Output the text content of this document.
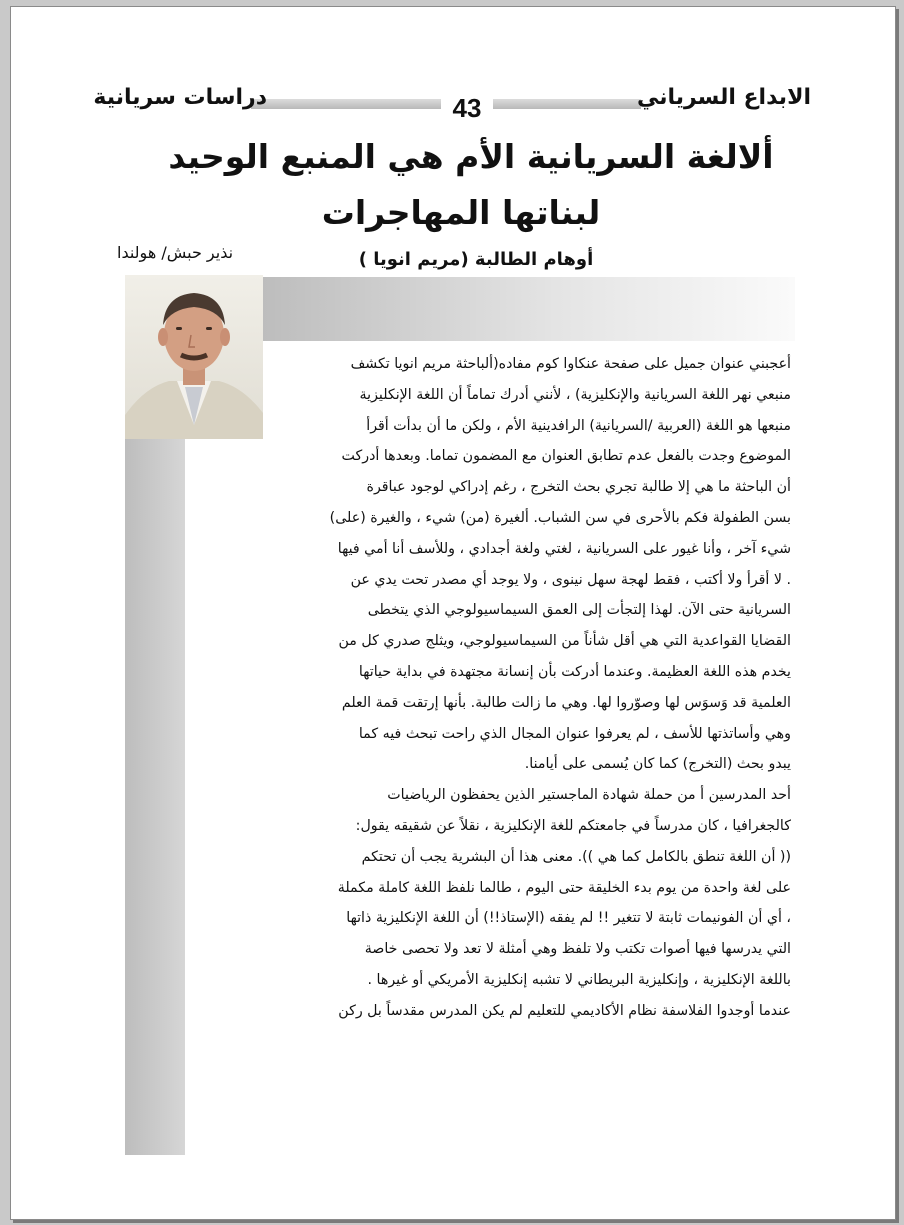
دراسات سريانية	43	الابداع السرياني
ألالغة السريانية الأم هي المنبع الوحيد
لبناتها المهاجرات
نذير حبش/ هولندا	أوهام الطالبة (مريم انويا )
أعجبني عنوان جميل على صفحة عنكاوا كوم مفاده(ألباحثة مريم انويا تكشف
منبعي نهر اللغة السريانية والإنكليزية) ، لأنني أدرك تماماً أن اللغة الإنكليزية
منبعها هو اللغة (العربية /السريانية) الرافدينية الأم ، ولكن ما أن بدأت أقرأ
الموضوع وجدت بالفعل عدم تطابق العنوان مع المضمون تماما. وبعدها أدركت
أن الباحثة ما هي إلا طالبة تجري بحث التخرج ، رغم إدراكي لوجود عباقرة
بسن الطفولة فكم بالأحرى في سن الشباب. ألغيرة (من) شيء ، والغيرة (على)
شيء آخر ، وأنا غيور على السريانية ، لغتي ولغة أجدادي ، وللأسف أنا أمي فيها
. لا أقرأ ولا أكتب ، فقط لهجة سهل نينوى ، ولا يوجد أي مصدر تحت يدي عن
السريانية حتى الآن. لهذا إلتجأت إلى العمق السيماسيولوجي الذي يتخطى
القضايا القواعدية التي هي أقل شأناً من السيماسيولوجي، ويثلج صدري كل من
يخدم هذه اللغة العظيمة. وعندما أدركت بأن إنسانة مجتهدة في بداية حياتها
العلمية قد وَسوَس لها وصوّروا لها. وهي ما زالت طالبة. بأنها إرتقت قمة العلم
وهي وأساتذتها للأسف ، لم يعرفوا عنوان المجال الذي راحت تبحث فيه كما
يبدو بحث (التخرج) كما كان يُسمى على أيامنا.
أحد المدرسين أ من حملة شهادة الماجستير الذين يحفظون الرياضيات
كالجغرافيا ، كان مدرساً في جامعتكم للغة الإنكليزية ، نقلاً عن شقيقه يقول:
(( أن اللغة تنطق بالكامل كما هي )). معنى هذا أن البشرية يجب أن تحتكم
على لغة واحدة من يوم بدء الخليقة حتى اليوم ، طالما نلفظ اللغة كاملة مكملة
، أي أن الفونيمات ثابتة لا تتغير !! لم يفقه (الإستاذ!!) أن اللغة الإنكليزية ذاتها
التي يدرسها فيها أصوات تكتب ولا تلفظ وهي أمثلة لا تعد ولا تحصى خاصة
باللغة الإنكليزية ، وإنكليزية البريطاني لا تشبه إنكليزية الأمريكي أو غيرها .
عندما أوجدوا الفلاسفة نظام الأكاديمي للتعليم لم يكن المدرس مقدساً بل ركن
